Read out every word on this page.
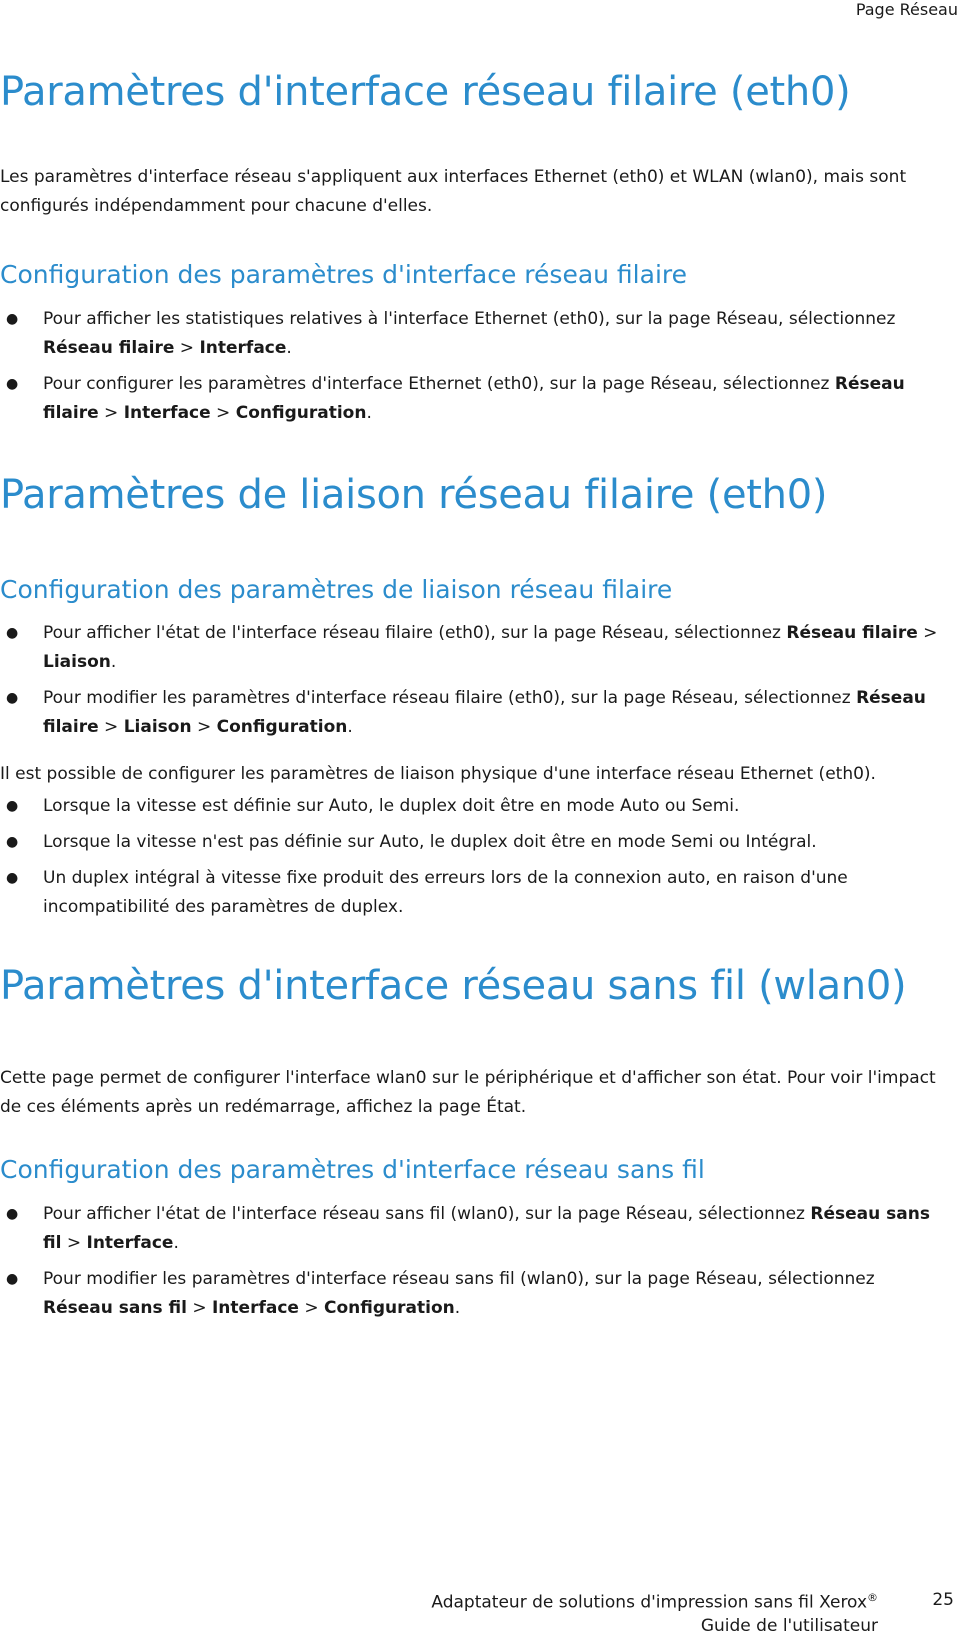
Page Réseau
Paramètres d'interface réseau filaire (eth0)

Les paramètres d'interface réseau s'appliquent aux interfaces Ethernet (eth0) et WLAN (wlan0), mais sont configurés indépendamment pour chacune d'elles.

Configuration des paramètres d'interface réseau filaire
● Pour afficher les statistiques relatives à l'interface Ethernet (eth0), sur la page Réseau, sélectionnez Réseau filaire > Interface.
● Pour configurer les paramètres d'interface Ethernet (eth0), sur la page Réseau, sélectionnez Réseau filaire > Interface > Configuration.
Paramètres de liaison réseau filaire (eth0)
Configuration des paramètres de liaison réseau filaire
● Pour afficher l'état de l'interface réseau filaire (eth0), sur la page Réseau, sélectionnez Réseau filaire > Liaison.
● Pour modifier les paramètres d'interface réseau filaire (eth0), sur la page Réseau, sélectionnez Réseau filaire > Liaison > Configuration.

Il est possible de configurer les paramètres de liaison physique d'une interface réseau Ethernet (eth0).

● Lorsque la vitesse est définie sur Auto, le duplex doit être en mode Auto ou Semi.
● Lorsque la vitesse n'est pas définie sur Auto, le duplex doit être en mode Semi ou Intégral.
● Un duplex intégral à vitesse fixe produit des erreurs lors de la connexion auto, en raison d'une incompatibilité des paramètres de duplex.
Paramètres d'interface réseau sans fil (wlan0)

Cette page permet de configurer l'interface wlan0 sur le périphérique et d'afficher son état. Pour voir l'impact de ces éléments après un redémarrage, affichez la page État.

Configuration des paramètres d'interface réseau sans fil
● Pour afficher l'état de l'interface réseau sans fil (wlan0), sur la page Réseau, sélectionnez Réseau sans fil > Interface.
● Pour modifier les paramètres d'interface réseau sans fil (wlan0), sur la page Réseau, sélectionnez Réseau sans fil > Interface > Configuration.
Adaptateur de solutions d'impression sans fil Xerox®
Guide de l'utilisateur
25
